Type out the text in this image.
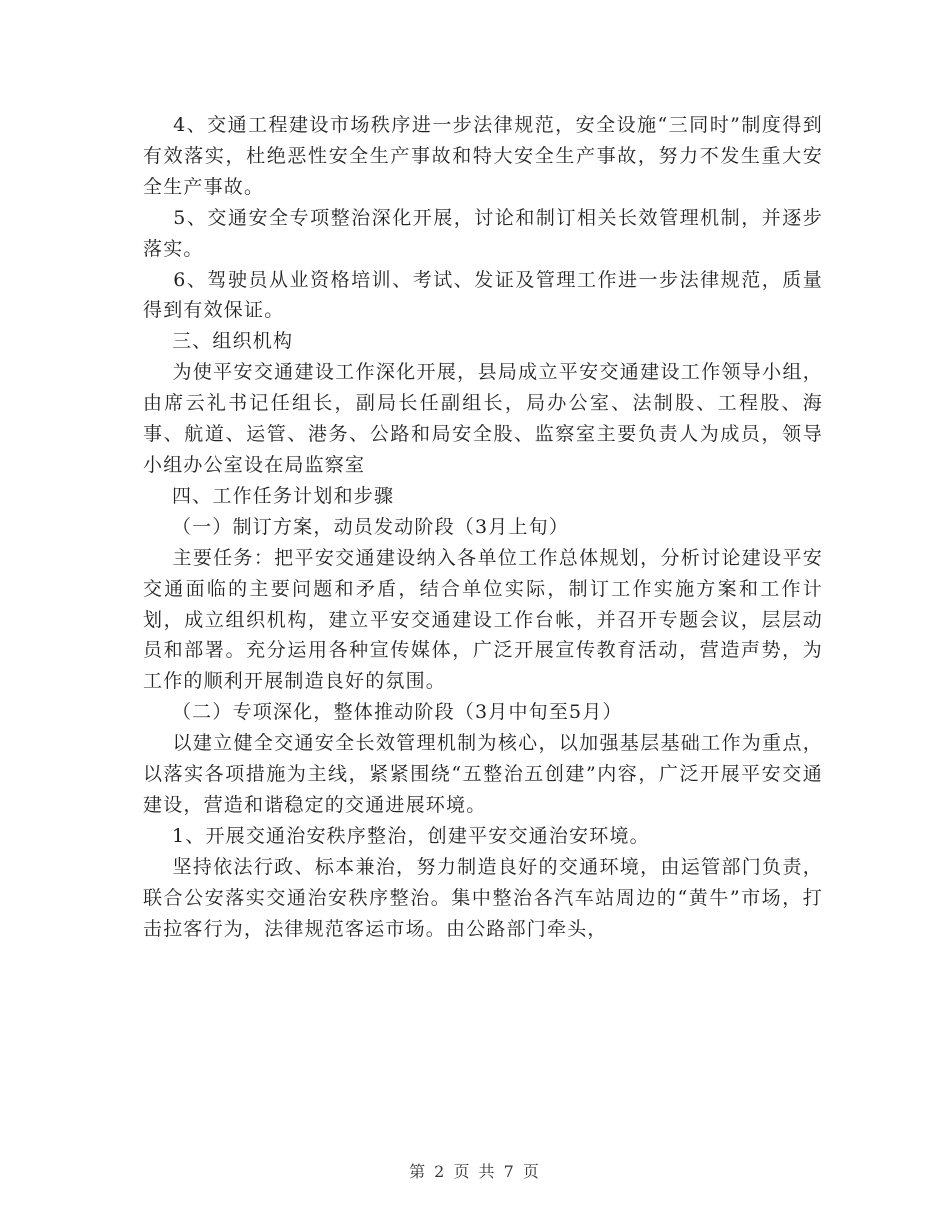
4、交通工程建设市场秩序进一步法律规范，安全设施“三同时”制度得到有效落实，杜绝恶性安全生产事故和特大安全生产事故，努力不发生重大安全生产事故。

5、交通安全专项整治深化开展，讨论和制订相关长效管理机制，并逐步落实。

6、驾驶员从业资格培训、考试、发证及管理工作进一步法律规范，质量得到有效保证。

三、组织机构

为使平安交通建设工作深化开展，县局成立平安交通建设工作领导小组，由席云礼书记任组长，副局长任副组长，局办公室、法制股、工程股、海事、航道、运管、港务、公路和局安全股、监察室主要负责人为成员，领导小组办公室设在局监察室

四、工作任务计划和步骤

（一）制订方案，动员发动阶段（3月上旬）

主要任务：把平安交通建设纳入各单位工作总体规划，分析讨论建设平安交通面临的主要问题和矛盾，结合单位实际，制订工作实施方案和工作计划，成立组织机构，建立平安交通建设工作台帐，并召开专题会议，层层动员和部署。充分运用各种宣传媒体，广泛开展宣传教育活动，营造声势，为工作的顺利开展制造良好的氛围。

（二）专项深化，整体推动阶段（3月中旬至5月）

以建立健全交通安全长效管理机制为核心，以加强基层基础工作为重点，以落实各项措施为主线，紧紧围绕“五整治五创建”内容，广泛开展平安交通建设，营造和谐稳定的交通进展环境。

1、开展交通治安秩序整治，创建平安交通治安环境。

坚持依法行政、标本兼治，努力制造良好的交通环境，由运管部门负责，联合公安落实交通治安秩序整治。集中整治各汽车站周边的“黄牛”市场，打击拉客行为，法律规范客运市场。由公路部门牵头，

第 2 页 共 7 页
